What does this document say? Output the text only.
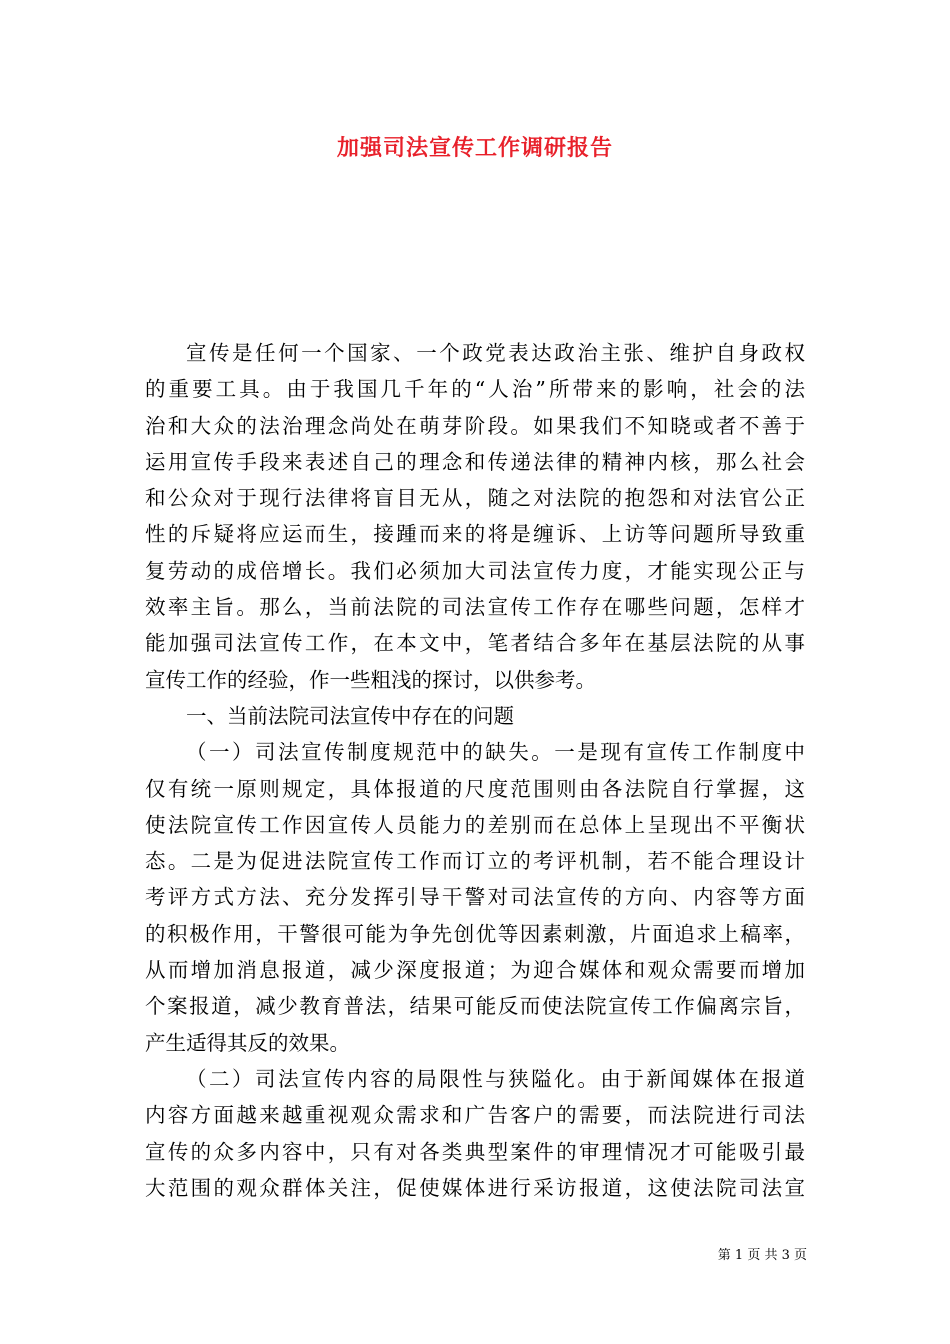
加强司法宣传工作调研报告
宣传是任何一个国家、一个政党表达政治主张、维护自身政权
的重要工具。由于我国几千年的“人治”所带来的影响，社会的法
治和大众的法治理念尚处在萌芽阶段。如果我们不知晓或者不善于
运用宣传手段来表述自己的理念和传递法律的精神内核，那么社会
和公众对于现行法律将盲目无从，随之对法院的抱怨和对法官公正
性的斥疑将应运而生，接踵而来的将是缠诉、上访等问题所导致重
复劳动的成倍增长。我们必须加大司法宣传力度，才能实现公正与
效率主旨。那么，当前法院的司法宣传工作存在哪些问题，怎样才
能加强司法宣传工作，在本文中，笔者结合多年在基层法院的从事
宣传工作的经验，作一些粗浅的探讨，以供参考。
一、当前法院司法宣传中存在的问题
（一）司法宣传制度规范中的缺失。一是现有宣传工作制度中
仅有统一原则规定，具体报道的尺度范围则由各法院自行掌握，这
使法院宣传工作因宣传人员能力的差别而在总体上呈现出不平衡状
态。二是为促进法院宣传工作而订立的考评机制，若不能合理设计
考评方式方法、充分发挥引导干警对司法宣传的方向、内容等方面
的积极作用，干警很可能为争先创优等因素刺激，片面追求上稿率，
从而增加消息报道，减少深度报道；为迎合媒体和观众需要而增加
个案报道，减少教育普法，结果可能反而使法院宣传工作偏离宗旨，
产生适得其反的效果。
（二）司法宣传内容的局限性与狭隘化。由于新闻媒体在报道
内容方面越来越重视观众需求和广告客户的需要，而法院进行司法
宣传的众多内容中，只有对各类典型案件的审理情况才可能吸引最
大范围的观众群体关注，促使媒体进行采访报道，这使法院司法宣
第 1 页 共 3 页
